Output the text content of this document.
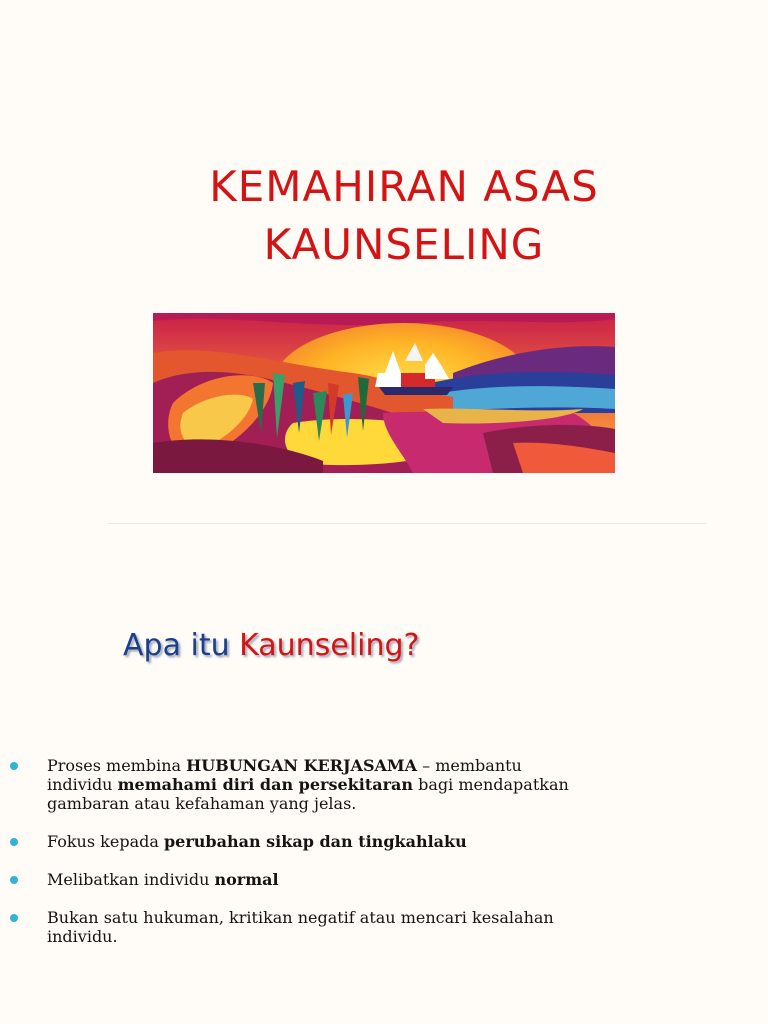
KEMAHIRAN ASAS
KAUNSELING
Apa itu Kaunseling?
Proses membina HUBUNGAN KERJASAMA – membantu
individu memahami diri dan persekitaran bagi mendapatkan
gambaran atau kefahaman yang jelas.
Fokus kepada perubahan sikap dan tingkahlaku
Melibatkan individu normal
Bukan satu hukuman, kritikan negatif atau mencari kesalahan
individu.
